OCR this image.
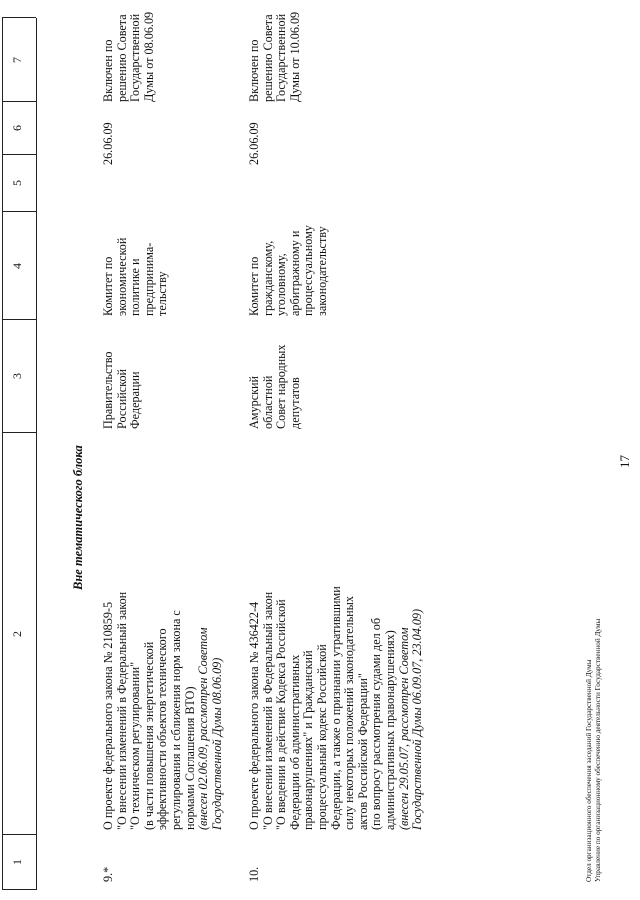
1
2
3
4
5
6
7
Вне тематического блока
9.*
О проекте федерального закона № 210859-5
"О внесении изменений в Федеральный закон
"О техническом регулировании"
(в части повышения энергетической
эффективности объектов технического
регулирования и сближения норм закона с
нормами Соглашения ВТО)
(внесен 02.06.09, рассмотрен Советом
Государственной Думы 08.06.09)
Правительство
Российской
Федерации
Комитет по
экономической
политике и
предпринима-
тельству
26.06.09
Включен по
решению Совета
Государственной
Думы от 08.06.09
10.
О проекте федерального закона № 436422-4
"О внесении изменений в Федеральный закон
"О введении в действие Кодекса Российской
Федерации об административных
правонарушениях" и Гражданский
процессуальный кодекс Российской
Федерации, а также о признании утратившими
силу некоторых положений законодательных
актов Российской Федерации"
(по вопросу рассмотрения судами дел об
административных правонарушениях)
(внесен 29.05.07, рассмотрен Советом
Государственной Думы 06.09.07, 23.04.09)
Амурский областной
Совет народных
депутатов
Комитет по
гражданскому,
уголовному,
арбитражному и
процессуальному
законодательству
26.06.09
Включен по
решению Совета
Государственной
Думы от 10.06.09
17
Отдел организационного обеспечения заседаний Государственной Думы
Управление по организационному обеспечению деятельности Государственной Думы
